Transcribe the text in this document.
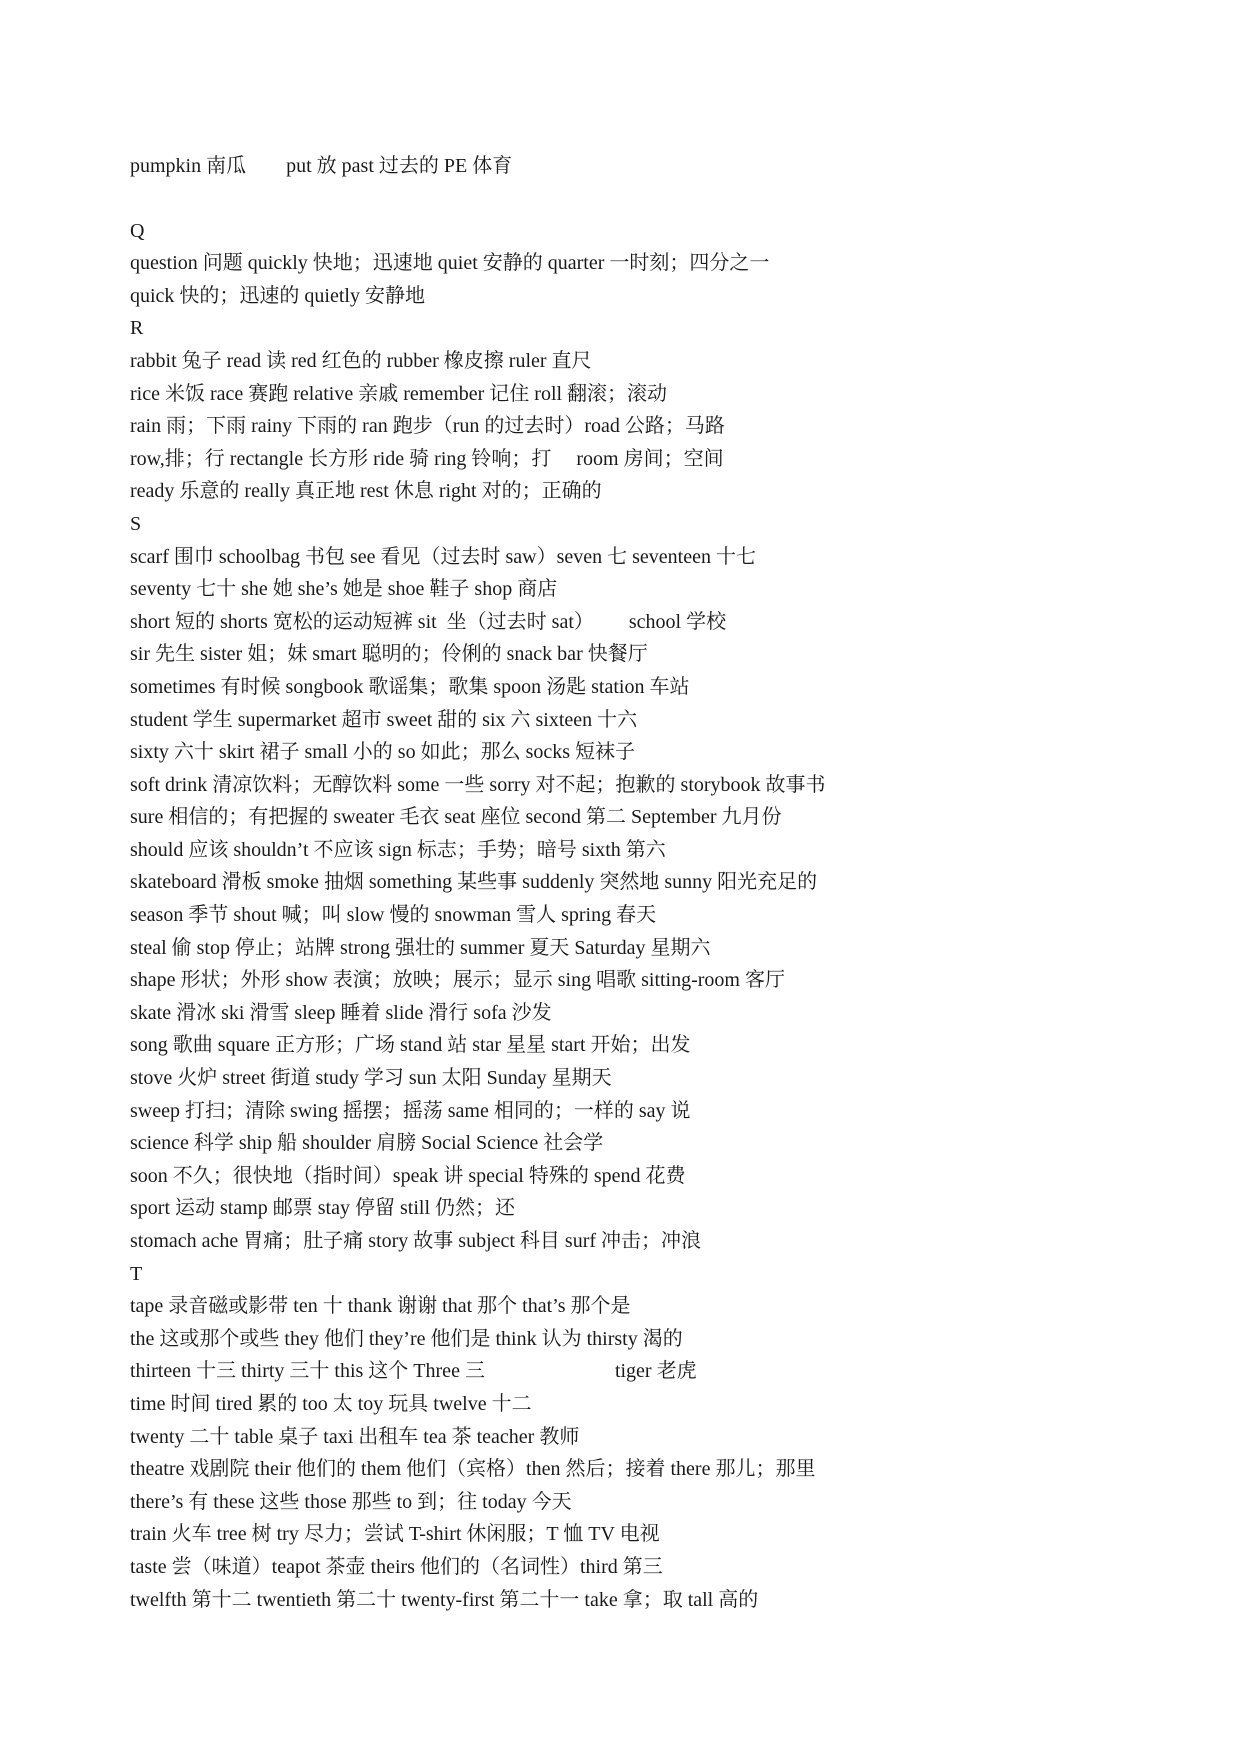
pumpkin 南瓜        put 放 past 过去的 PE 体育

Q

question 问题 quickly 快地；迅速地 quiet 安静的 quarter 一时刻；四分之一

quick 快的；迅速的 quietly 安静地

R

rabbit 兔子 read 读 red 红色的 rubber 橡皮擦 ruler 直尺

rice 米饭 race 赛跑 relative 亲戚 remember 记住 roll 翻滚；滚动

rain 雨；下雨 rainy 下雨的 ran 跑步（run 的过去时）road 公路；马路

row,排；行 rectangle 长方形 ride 骑 ring 铃响；打     room 房间；空间

ready 乐意的 really 真正地 rest 休息 right 对的；正确的

S

scarf 围巾 schoolbag 书包 see 看见（过去时 saw）seven 七 seventeen 十七

seventy 七十 she 她 she’s 她是 shoe 鞋子 shop 商店

short 短的 shorts 宽松的运动短裤 sit  坐（过去时 sat）       school 学校

sir 先生 sister 姐；妹 smart 聪明的；伶俐的 snack bar 快餐厅

sometimes 有时候 songbook 歌谣集；歌集 spoon 汤匙 station 车站

student 学生 supermarket 超市 sweet 甜的 six 六 sixteen 十六

sixty 六十 skirt 裙子 small 小的 so 如此；那么 socks 短袜子

soft drink 清凉饮料；无醇饮料 some 一些 sorry 对不起；抱歉的 storybook 故事书

sure 相信的；有把握的 sweater 毛衣 seat 座位 second 第二 September 九月份

should 应该 shouldn’t 不应该 sign 标志；手势；暗号 sixth 第六

skateboard 滑板 smoke 抽烟 something 某些事 suddenly 突然地 sunny 阳光充足的

season 季节 shout 喊；叫 slow 慢的 snowman 雪人 spring 春天

steal 偷 stop 停止；站牌 strong 强壮的 summer 夏天 Saturday 星期六

shape 形状；外形 show 表演；放映；展示；显示 sing 唱歌 sitting-room 客厅

skate 滑冰 ski 滑雪 sleep 睡着 slide 滑行 sofa 沙发

song 歌曲 square 正方形；广场 stand 站 star 星星 start 开始；出发

stove 火炉 street 街道 study 学习 sun 太阳 Sunday 星期天

sweep 打扫；清除 swing 摇摆；摇荡 same 相同的；一样的 say 说

science 科学 ship 船 shoulder 肩膀 Social Science 社会学

soon 不久；很快地（指时间）speak 讲 special 特殊的 spend 花费

sport 运动 stamp 邮票 stay 停留 still 仍然；还

stomach ache 胃痛；肚子痛 story 故事 subject 科目 surf 冲击；冲浪

T

tape 录音磁或影带 ten 十 thank 谢谢 that 那个 that’s 那个是

the 这或那个或些 they 他们 they’re 他们是 think 认为 thirsty 渴的

thirteen 十三 thirty 三十 this 这个 Three 三                          tiger 老虎

time 时间 tired 累的 too 太 toy 玩具 twelve 十二

twenty 二十 table 桌子 taxi 出租车 tea 茶 teacher 教师

theatre 戏剧院 their 他们的 them 他们（宾格）then 然后；接着 there 那儿；那里

there’s 有 these 这些 those 那些 to 到；往 today 今天

train 火车 tree 树 try 尽力；尝试 T-shirt 休闲服；T 恤 TV 电视

taste 尝（味道）teapot 茶壶 theirs 他们的（名词性）third 第三

twelfth 第十二 twentieth 第二十 twenty-first 第二十一 take 拿；取 tall 高的
